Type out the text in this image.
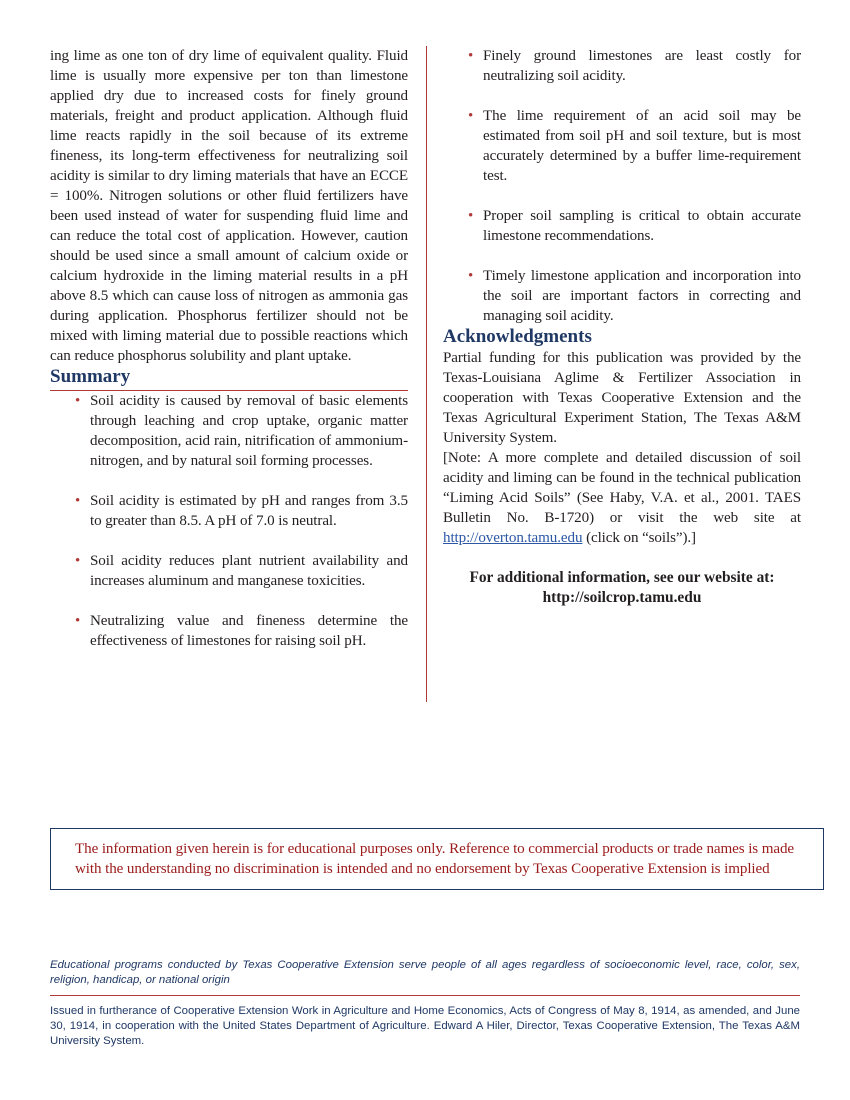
ing lime as one ton of dry lime of equivalent quality. Fluid lime is usually more expensive per ton than limestone applied dry due to increased costs for finely ground materials, freight and product application. Although fluid lime reacts rapidly in the soil because of its extreme fineness, its long-term effectiveness for neutralizing soil acidity is similar to dry liming materials that have an ECCE = 100%. Nitrogen solutions or other fluid fertilizers have been used instead of water for suspending fluid lime and can reduce the total cost of application. However, caution should be used since a small amount of calcium oxide or calcium hydroxide in the liming material results in a pH above 8.5 which can cause loss of nitrogen as ammonia gas during application. Phosphorus fertilizer should not be mixed with liming material due to possible reactions which can reduce phosphorus solubility and plant uptake.

Summary
• Soil acidity is caused by removal of basic elements through leaching and crop uptake, organic matter decomposition, acid rain, nitrification of ammonium-nitrogen, and by natural soil forming processes.
• Soil acidity is estimated by pH and ranges from 3.5 to greater than 8.5. A pH of 7.0 is neutral.
• Soil acidity reduces plant nutrient availability and increases aluminum and manganese toxicities.
• Neutralizing value and fineness determine the effectiveness of limestones for raising soil pH.
• Finely ground limestones are least costly for neutralizing soil acidity.
• The lime requirement of an acid soil may be estimated from soil pH and soil texture, but is most accurately determined by a buffer lime-requirement test.
• Proper soil sampling is critical to obtain accurate limestone recommendations.
• Timely limestone application and incorporation into the soil are important factors in correcting and managing soil acidity.
Acknowledgments

Partial funding for this publication was provided by the Texas-Louisiana Aglime & Fertilizer Association in cooperation with Texas Cooperative Extension and the Texas Agricultural Experiment Station, The Texas A&M University System.

[Note: A more complete and detailed discussion of soil acidity and liming can be found in the technical publication “Liming Acid Soils” (See Haby, V.A. et al., 2001. TAES Bulletin No. B-1720) or visit the web site at http://overton.tamu.edu (click on “soils”).]

For additional information, see our website at:
http://soilcrop.tamu.edu
The information given herein is for educational purposes only. Reference to commercial products or trade names is made with the understanding no discrimination is intended and no endorsement by Texas Cooperative Extension is implied
Educational programs conducted by Texas Cooperative Extension serve people of all ages regardless of socioeconomic level, race, color, sex, religion, handicap, or national origin
Issued in furtherance of Cooperative Extension Work in Agriculture and Home Economics, Acts of Congress of May 8, 1914, as amended, and June 30, 1914, in cooperation with the United States Department of Agriculture. Edward A Hiler, Director, Texas Cooperative Extension, The Texas A&M University System.
